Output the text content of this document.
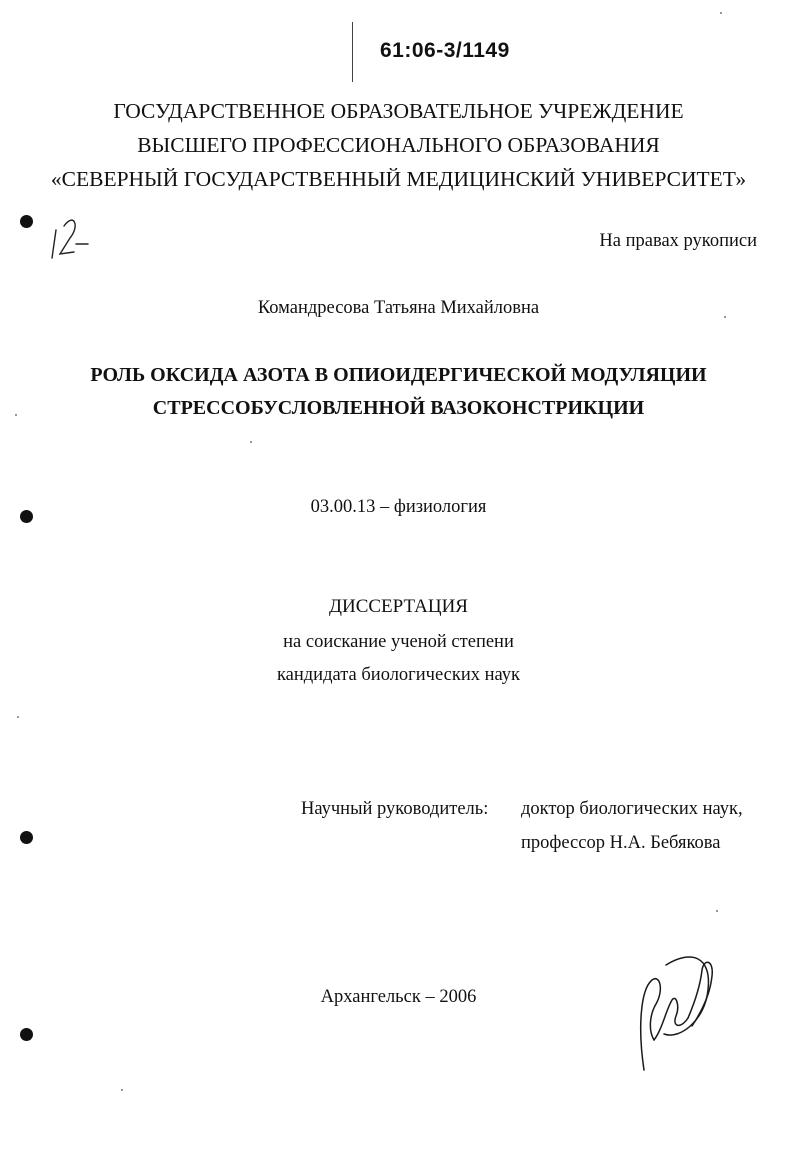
61:06-3/1149
ГОСУДАРСТВЕННОЕ ОБРАЗОВАТЕЛЬНОЕ УЧРЕЖДЕНИЕ
ВЫСШЕГО ПРОФЕССИОНАЛЬНОГО ОБРАЗОВАНИЯ
«СЕВЕРНЫЙ ГОСУДАРСТВЕННЫЙ МЕДИЦИНСКИЙ УНИВЕРСИТЕТ»
На правах рукописи
Командресова Татьяна Михайловна
РОЛЬ ОКСИДА АЗОТА В ОПИОИДЕРГИЧЕСКОЙ МОДУЛЯЦИИ
СТРЕССОБУСЛОВЛЕННОЙ ВАЗОКОНСТРИКЦИИ
03.00.13 – физиология
ДИССЕРТАЦИЯ
на соискание ученой степени
кандидата биологических наук
Научный руководитель: доктор биологических наук,
профессор Н.А. Бебякова
Архангельск – 2006
